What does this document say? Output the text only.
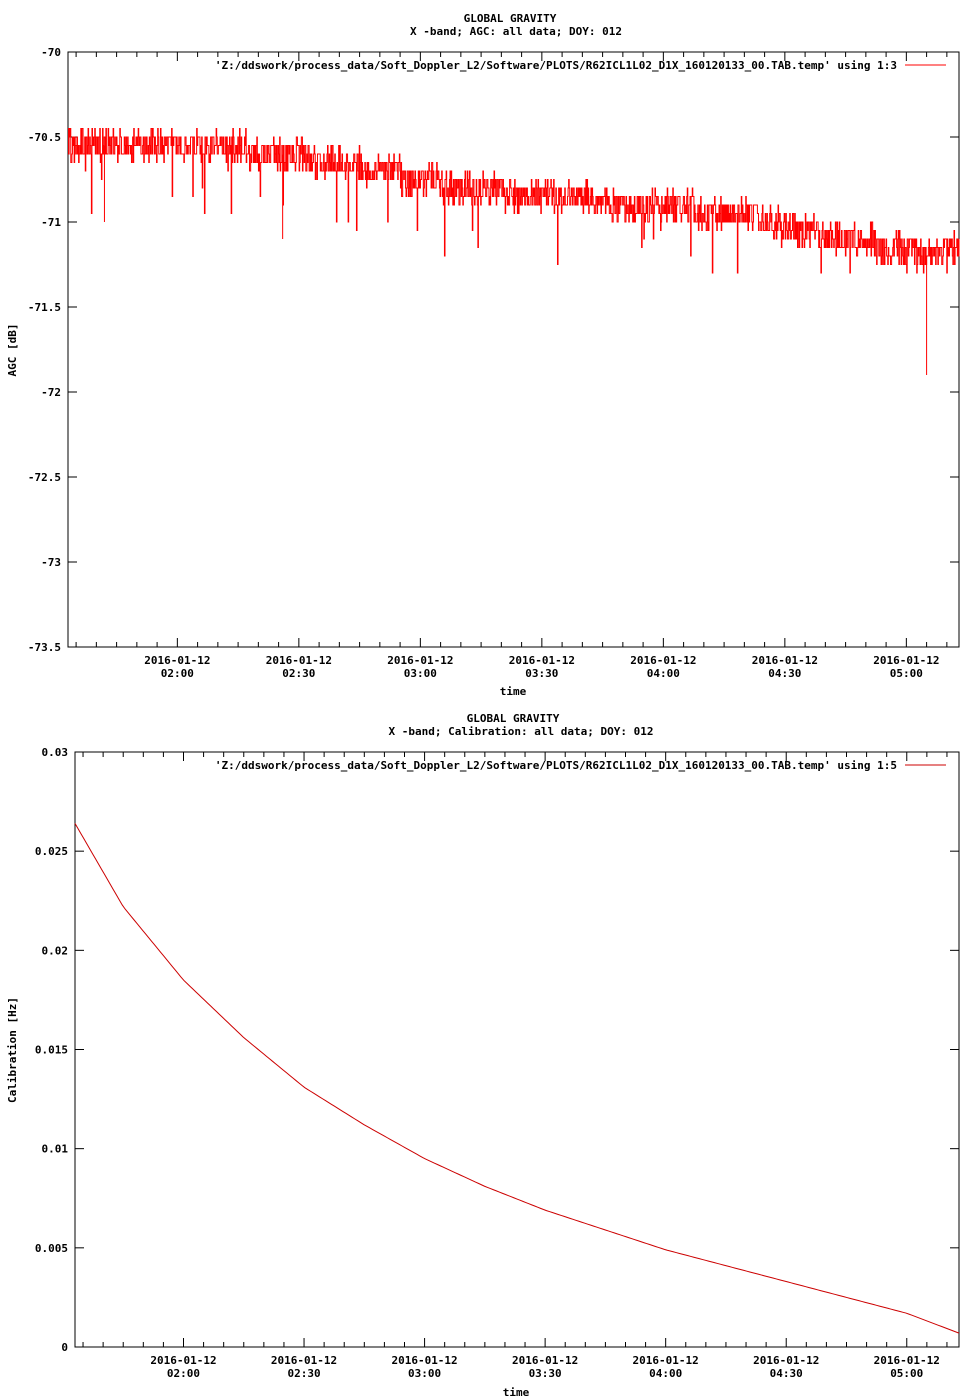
GLOBAL GRAVITY
X -band; AGC: all data; DOY: 012
-70
-70.5
-71
-71.5
-72
-72.5
-73
-73.5
2016-01-12
02:00
2016-01-12
02:30
2016-01-12
03:00
2016-01-12
03:30
2016-01-12
04:00
2016-01-12
04:30
2016-01-12
05:00
'Z:/ddswork/process_data/Soft_Doppler_L2/Software/PLOTS/R62ICL1L02_D1X_160120133_00.TAB.temp' using 1:3
time
AGC [dB]
GLOBAL GRAVITY
X -band; Calibration: all data; DOY: 012
0
0.005
0.01
0.015
0.02
0.025
0.03
2016-01-12
02:00
2016-01-12
02:30
2016-01-12
03:00
2016-01-12
03:30
2016-01-12
04:00
2016-01-12
04:30
2016-01-12
05:00
'Z:/ddswork/process_data/Soft_Doppler_L2/Software/PLOTS/R62ICL1L02_D1X_160120133_00.TAB.temp' using 1:5
time
Calibration [Hz]
